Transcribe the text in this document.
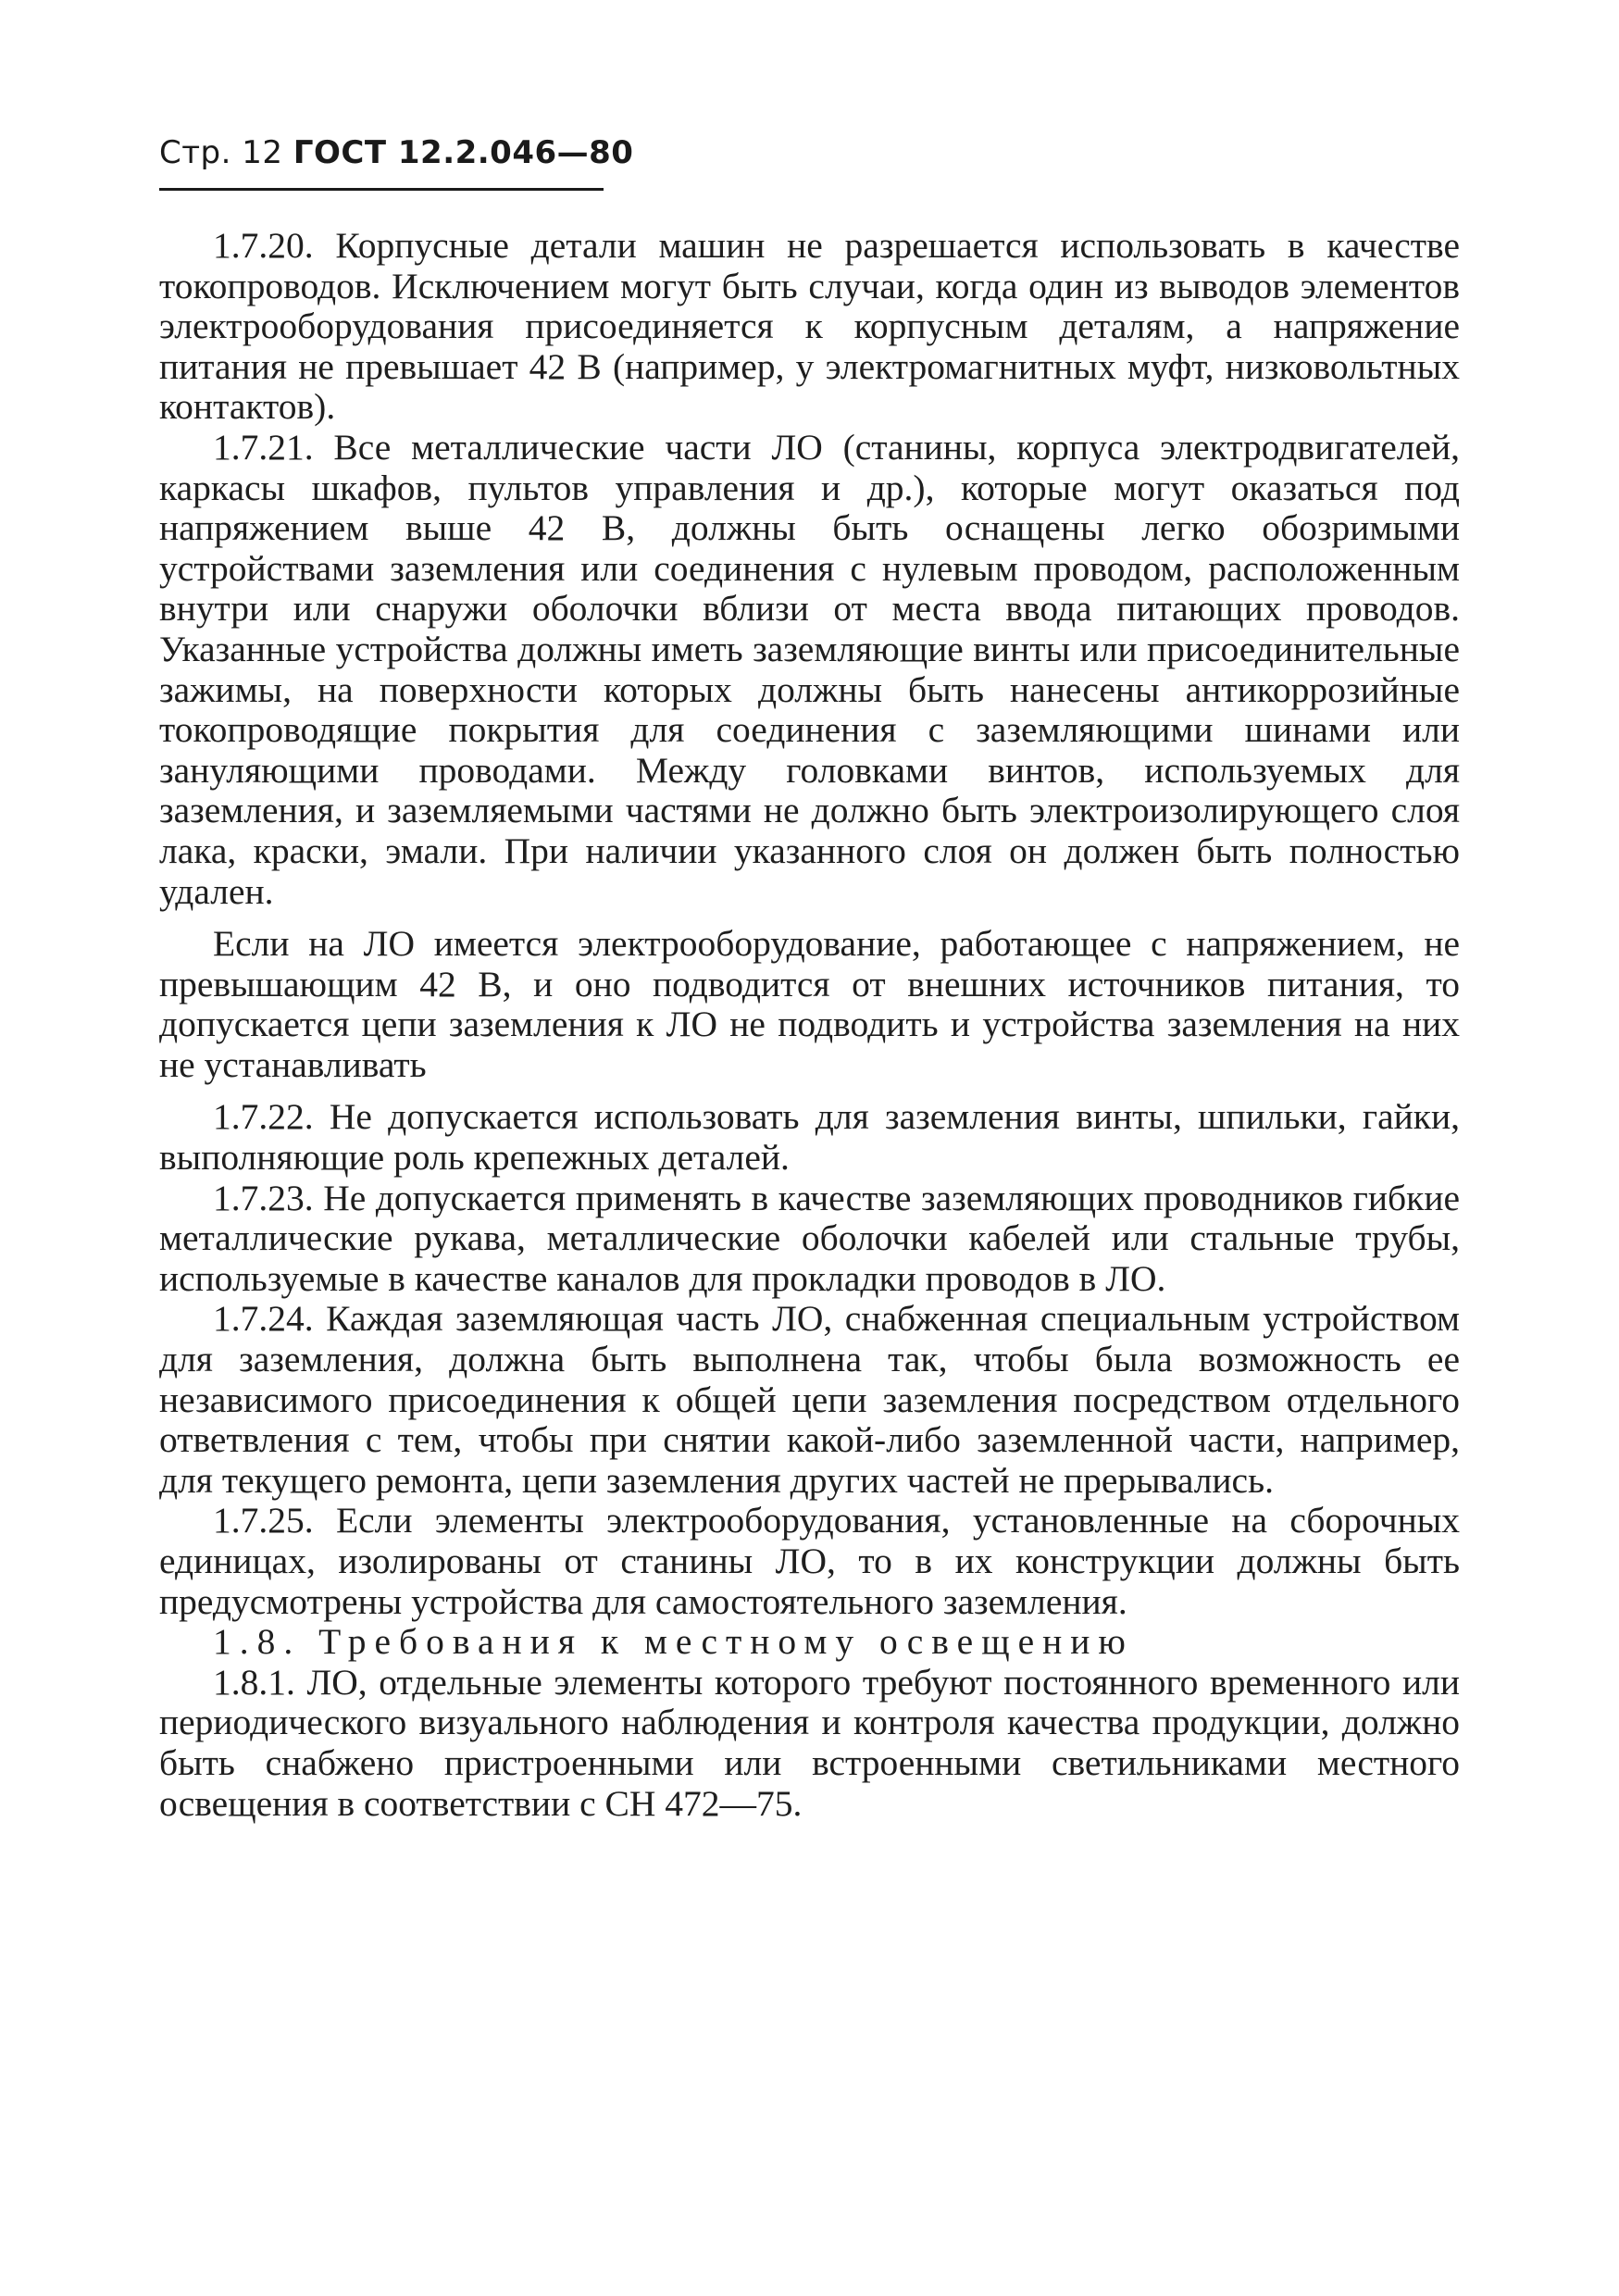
Стр. 12 ГОСТ 12.2.046—80

1.7.20. Корпусные детали машин не разрешается использовать в качестве токопроводов. Исключением могут быть случаи, когда один из выводов элементов электрооборудования присоединяется к корпусным деталям, а напряжение питания не превышает 42 В (например, у электромагнитных муфт, низковольтных контактов).

1.7.21. Все металлические части ЛО (станины, корпуса электродвигателей, каркасы шкафов, пультов управления и др.), которые могут оказаться под напряжением выше 42 В, должны быть оснащены легко обозримыми устройствами заземления или соединения с нулевым проводом, расположенным внутри или снаружи оболочки вблизи от места ввода питающих проводов. Указанные устройства должны иметь заземляющие винты или присоединительные зажимы, на поверхности которых должны быть нанесены антикоррозийные токопроводящие покрытия для соединения с заземляющими шинами или зануляющими проводами. Между головками винтов, используемых для заземления, и заземляемыми частями не должно быть электроизолирующего слоя лака, краски, эмали. При наличии указанного слоя он должен быть полностью удален.

Если на ЛО имеется электрооборудование, работающее с напряжением, не превышающим 42 В, и оно подводится от внешних источников питания, то допускается цепи заземления к ЛО не подводить и устройства заземления на них не устанавливать

1.7.22. Не допускается использовать для заземления винты, шпильки, гайки, выполняющие роль крепежных деталей.

1.7.23. Не допускается применять в качестве заземляющих проводников гибкие металлические рукава, металлические оболочки кабелей или стальные трубы, используемые в качестве каналов для прокладки проводов в ЛО.

1.7.24. Каждая заземляющая часть ЛО, снабженная специальным устройством для заземления, должна быть выполнена так, чтобы была возможность ее независимого присоединения к общей цепи заземления посредством отдельного ответвления с тем, чтобы при снятии какой-либо заземленной части, например, для текущего ремонта, цепи заземления других частей не прерывались.

1.7.25. Если элементы электрооборудования, установленные на сборочных единицах, изолированы от станины ЛО, то в их конструкции должны быть предусмотрены устройства для самостоятельного заземления.

1.8. Требования к местному освещению

1.8.1. ЛО, отдельные элементы которого требуют постоянного временного или периодического визуального наблюдения и контроля качества продукции, должно быть снабжено пристроенными или встроенными светильниками местного освещения в соответствии с СН 472—75.
